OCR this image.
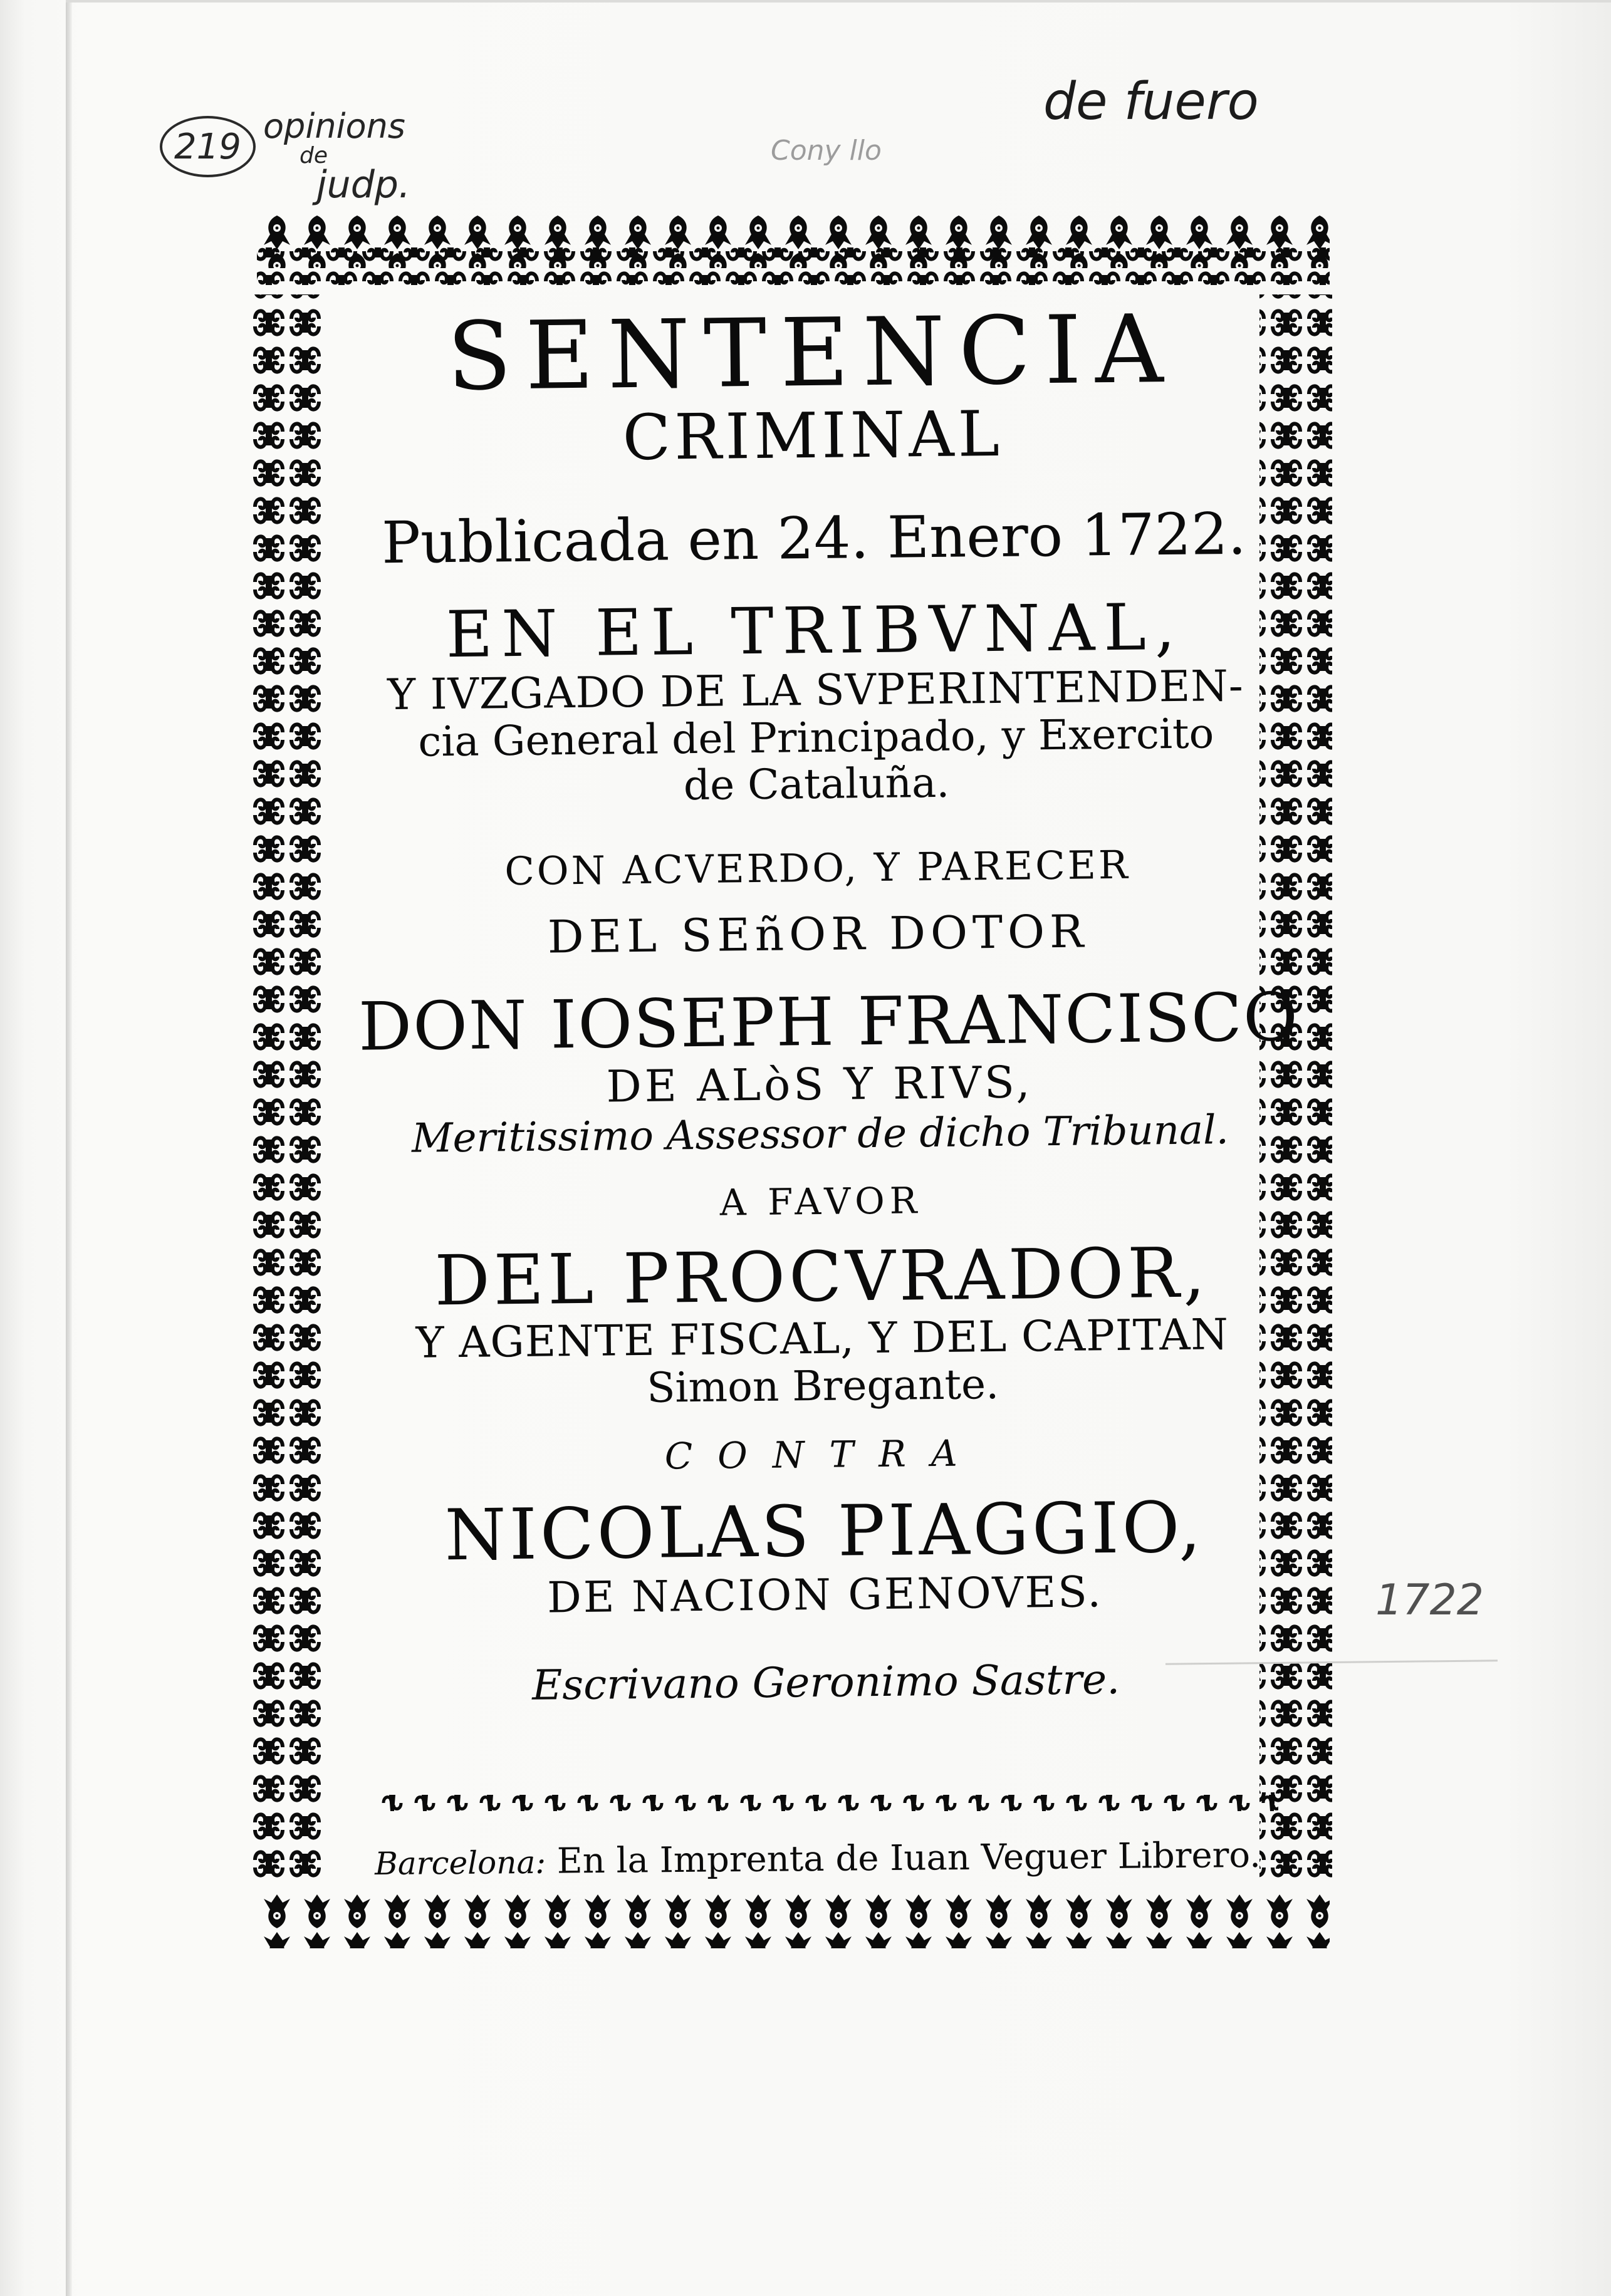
219 opinions

de

judp.

de fuero

Cony llo

1722

SENTENCIA

CRIMINAL

Publicada en 24. Enero 1722.

EN EL TRIBVNAL,

Y IVZGADO DE LA SVPERINTENDEN-

cia General del Principado, y Exercito

de Cataluña.

CON ACVERDO, Y PARECER

DEL SEñOR DOTOR

DON IOSEPH FRANCISCO

DE ALòS Y RIVS,

Meritissimo Assessor de dicho Tribunal.

A FAVOR

DEL PROCVRADOR,

Y AGENTE FISCAL, Y DEL CAPITAN

Simon Bregante.

CONTRA

NICOLAS PIAGGIO,

DE NACION GENOVES.

Escrivano Geronimo Sastre.

Barcelona: En la Imprenta de Iuan Veguer Librero.
